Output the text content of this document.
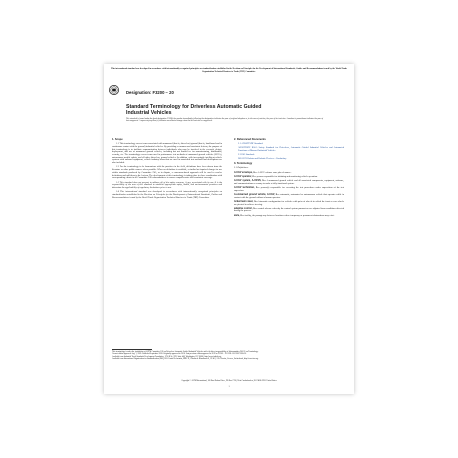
This international standard was developed in accordance with internationally recognized principles on standardization established in the Decision on Principles for the Development of International Standards, Guides and Recommendations issued by the World Trade Organization Technical Barriers to Trade (TBT) Committee.
Designation: F3200 − 20
Standard Terminology for Driverless Automatic Guided Industrial Vehicles
This standard is issued under the fixed designation F3200; the number immediately following the designation indicates the year of original adoption or, in the case of revision, the year of last revision. A number in parentheses indicates the year of last reapproval. A superscript epsilon (ε) indicates an editorial change since the last revision or reapproval.
1. Scope

1.1 This terminology covers terms associated with unmanned (that is, driverless) ground (that is, land-based and in continuous contact with the ground) industrial vehicles. By providing a common and consistent lexicon, the purpose of this terminology is to facilitate communication between individuals who may be involved in the research, design, deployment, and use of unmanned ground vehicles, including but not limited to: for manufacturing, distribution, security, etc. The terminology covers terms used in performance test methods of unmanned ground vehicles (UGVs), autonomous mobile robots, and all other driverless, ground vehicles. In addition, with increasingly intelligent vehicle systems with onboard equipment, vehicle industry terms that are used in associated test methods and descriptions are also included.

1.2 For the terminology to be harmonious with the practices in the field, definitions have been drawn from the literature or other public sources when possible. When no definition is available, a similar but inquired change for use within standards produced by Committee F45, or in dispute, a consensus-based approach will be used to resolve definitions and add them to the lexicon. The development of this terminology is taking place in close coordination with corresponding efforts in all Committee F45 subcommittees to ensure comprehensive and consistent coverage.

1.3 This standard does not purport to address all of the safety concerns, if any, associated with its use. It is the responsibility of the user of this standard to establish appropriate safety, health, and environmental practices and determine the applicability of regulatory limitations prior to use.

1.4 This international standard was developed in accordance with internationally recognized principles on standardization established in the Decision on Principles for the Development of International Standards, Guides and Recommendations issued by the World Trade Organization Technical Barriers to Trade (TBT) Committee.

2. Referenced Documents
2.1 ANSI/ITSDF Standard:
ANSI/ITSDF B56.5 Safety Standard for Driverless, Automatic Guided Industrial Vehicles and Automated Functions of Manned Industrial Vehicles
2.2 ISO Standard:
ISO 8373 Robots and Robotic Devices—Vocabulary
3. Terminology
3.1 Definitions:
A-UGV envelope, n— A-UGV volume zone plus clearance.
A-UGV operator, n— person responsible for initiating and monitoring vehicle operation.
A-UGV system, A-UGVS, n— A-unmanned ground vehicle and all associated components, equipment, software, and communications necessary to make a fully functional system.
A-UGV technician, n— person(s) responsible for executing the test procedures under supervision of the test supervisor.
A-unmanned ground vehicle, A-UGV, n— automatic, automated or autonomous vehicle that operates while in contact with the ground without a human operator.
Ackermann steer, n— kinematic configuration for vehicles with pairs of wheels in which the front or rear wheels are pivoted to achieve steering.
adaptive control, n— control scheme whereby the control system parameters are adjusted from conditions detected during the process.
aisle, n— facility, the passageway between locations where temporary or permanent obstructions may exist.
This terminology is under the jurisdiction of ASTM Committee F45 on Driverless Automatic Guided Industrial Vehicles and is the direct responsibility of Subcommittee F45.91 on Terminology.
Current edition approved Aug. 1, 2020. Published September 2020. Originally approved in 2016. Last previous edition approved in 2019 as F3200 – 19. DOI: 10.1520/F3200-20.
Available from Industrial Truck Standards Development Foundation, 1750 K St., NW, Suite 460, Washington, DC 20006, http://www.indtrk.org.
Available from International Organization for Standardization (ISO), ISO Central Secretariat, BIBC II, Chemin de Blandonnet 8, CP 401, 1214 Vernier, Geneva, Switzerland, http://www.iso.org.
Copyright © ASTM International, 100 Barr Harbor Drive, PO Box C700, West Conshohocken, PA 19428-2959. United States
1
